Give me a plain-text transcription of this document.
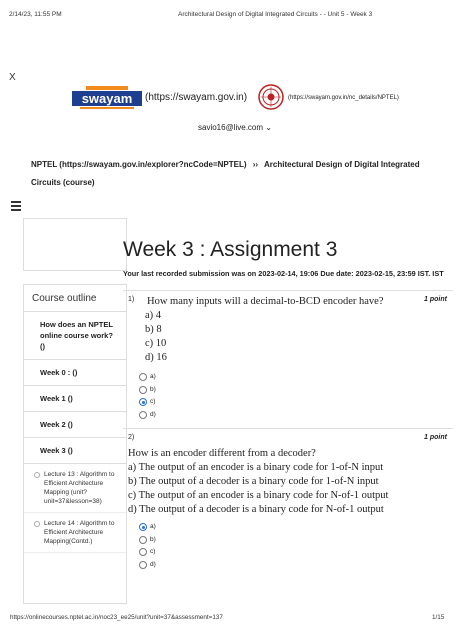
2/14/23, 11:55 PM	Architectural Design of Digital Integrated Circuits - - Unit 5 - Week 3
X
swayam (https://swayam.gov.in)	(https://swayam.gov.in/nc_details/NPTEL)
savio16@live.com ⌄
NPTEL (https://swayam.gov.in/explorer?ncCode=NPTEL) ›› Architectural Design of Digital Integrated Circuits (course)
Course outline
How does an NPTEL online course work? ()
Week 0 : ()
Week 1 ()
Week 2 ()
Week 3 ()
Lecture 13 : Algorithm to Efficient Architecture Mapping (unit?unit=37&lesson=38)
Lecture 14 : Algorithm to Efficient Architecture Mapping(Contd.)
Week 3 : Assignment 3
Your last recorded submission was on 2023-02-14, 19:06 Due date: 2023-02-15, 23:59 IST. IST
1)	1 point
How many inputs will a decimal-to-BCD encoder have?
a) 4
b) 8
c) 10
d) 16
a)
b)
c)
d)
2)	1 point
How is an encoder different from a decoder?
a) The output of an encoder is a binary code for 1-of-N input
b) The output of a decoder is a binary code for 1-of-N input
c) The output of an encoder is a binary code for N-of-1 output
d) The output of a decoder is a binary code for N-of-1 output
a)
b)
c)
d)
https://onlinecourses.nptel.ac.in/noc23_ee25/unit?unit=37&assessment=137	1/15
